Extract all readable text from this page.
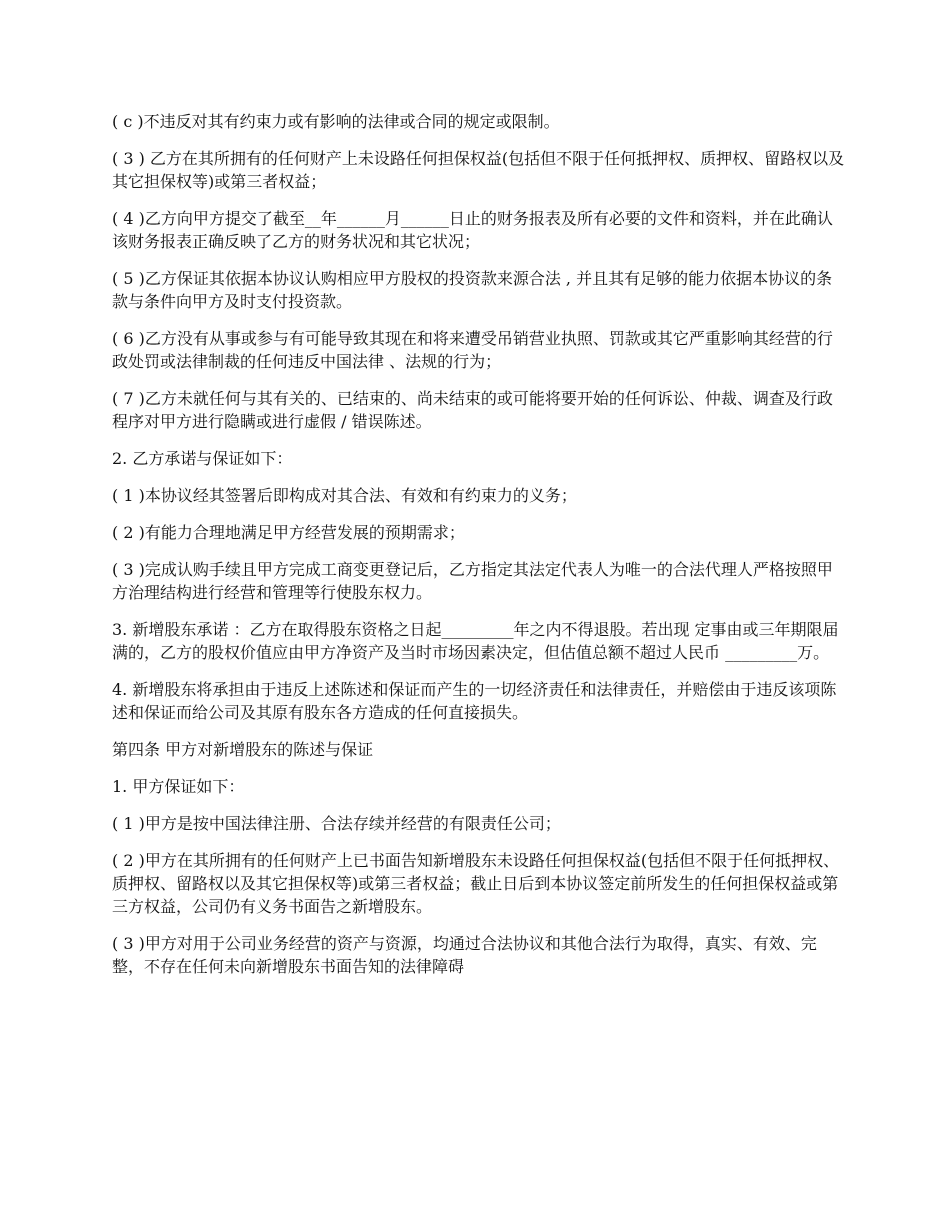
( c )不违反对其有约束力或有影响的法律或合同的规定或限制。

( 3 ) 乙方在其所拥有的任何财产上未设路任何担保权益(包括但不限于任何抵押权、质押权、留路权以及其它担保权等)或第三者权益；

( 4 )乙方向甲方提交了截至__年______月______日止的财务报表及所有必要的文件和资料，并在此确认该财务报表正确反映了乙方的财务状况和其它状况；

( 5 )乙方保证其依据本协议认购相应甲方股权的投资款来源合法 , 并且其有足够的能力依据本协议的条款与条件向甲方及时支付投资款。

( 6 )乙方没有从事或参与有可能导致其现在和将来遭受吊销营业执照、罚款或其它严重影响其经营的行政处罚或法律制裁的任何违反中国法律 、法规的行为；

( 7 )乙方未就任何与其有关的、已结束的、尚未结束的或可能将要开始的任何诉讼、仲裁、调查及行政程序对甲方进行隐瞒或进行虚假 / 错误陈述。

2. 乙方承诺与保证如下：

( 1 )本协议经其签署后即构成对其合法、有效和有约束力的义务；

( 2 )有能力合理地满足甲方经营发展的预期需求；

( 3 )完成认购手续且甲方完成工商变更登记后，乙方指定其法定代表人为唯一的合法代理人严格按照甲方治理结构进行经营和管理等行使股东权力。

3. 新增股东承诺 ：乙方在取得股东资格之日起_________年之内不得退股。若出现 定事由或三年期限届满的，乙方的股权价值应由甲方净资产及当时市场因素决定，但估值总额不超过人民币 _________万。

4. 新增股东将承担由于违反上述陈述和保证而产生的一切经济责任和法律责任，并赔偿由于违反该项陈述和保证而给公司及其原有股东各方造成的任何直接损失。

第四条 甲方对新增股东的陈述与保证

1. 甲方保证如下：

( 1 )甲方是按中国法律注册、合法存续并经营的有限责任公司；

( 2 )甲方在其所拥有的任何财产上已书面告知新增股东未设路任何担保权益(包括但不限于任何抵押权、质押权、留路权以及其它担保权等)或第三者权益；截止日后到本协议签定前所发生的任何担保权益或第三方权益，公司仍有义务书面告之新增股东。

( 3 )甲方对用于公司业务经营的资产与资源，均通过合法协议和其他合法行为取得，真实、有效、完整，不存在任何未向新增股东书面告知的法律障碍
